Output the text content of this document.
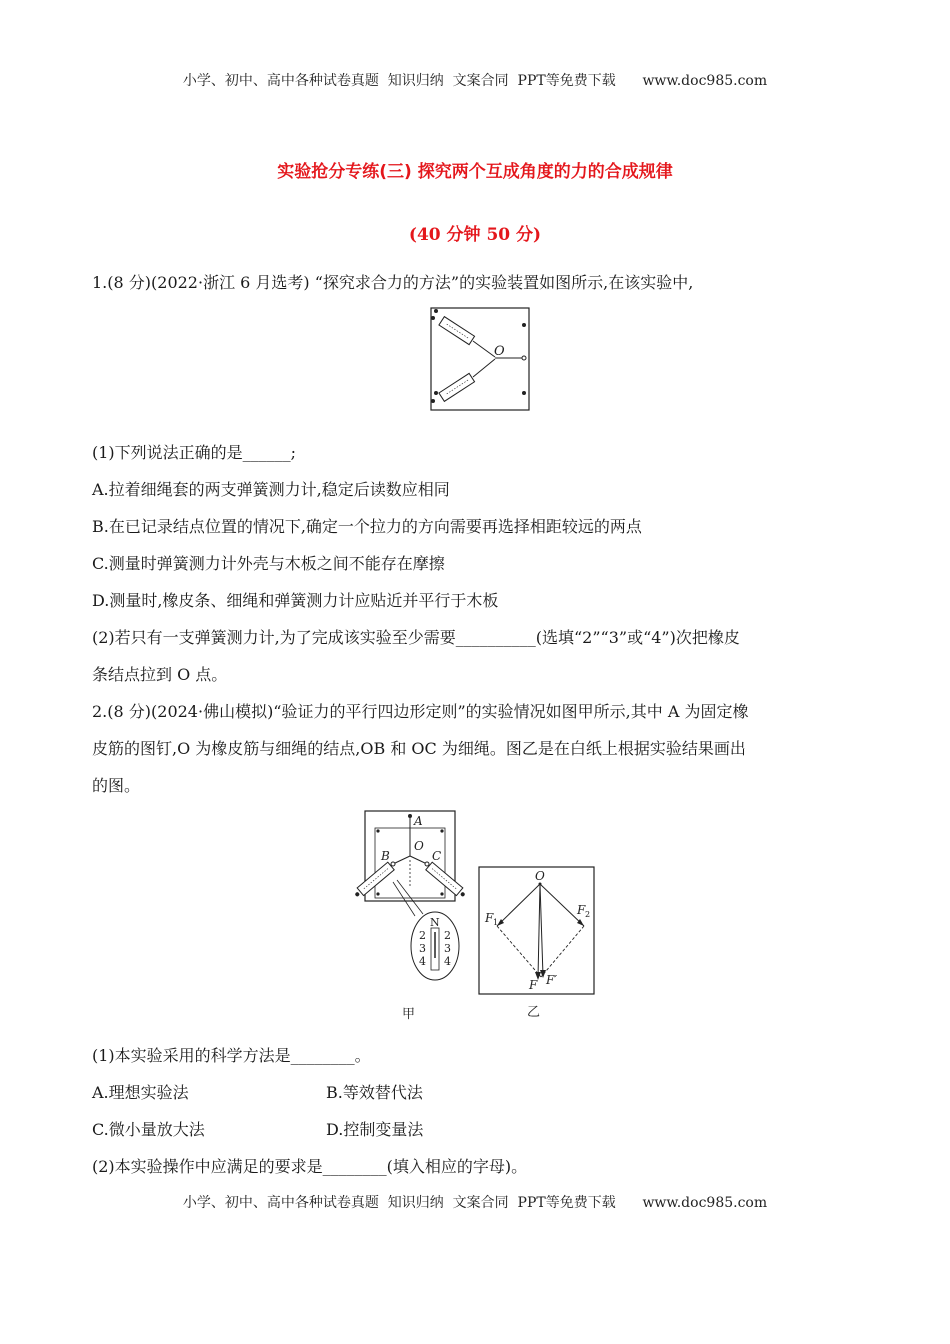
小学、初中、高中各种试卷真题  知识归纳  文案合同  PPT等免费下载      www.doc985.com
实验抢分专练(三) 探究两个互成角度的力的合成规律
(40 分钟 50 分)
1.(8 分)(2022·浙江 6 月选考) “探究求合力的方法”的实验装置如图所示,在该实验中,
O
(1)下列说法正确的是______;
A.拉着细绳套的两支弹簧测力计,稳定后读数应相同
B.在已记录结点位置的情况下,确定一个拉力的方向需要再选择相距较远的两点
C.测量时弹簧测力计外壳与木板之间不能存在摩擦
D.测量时,橡皮条、细绳和弹簧测力计应贴近并平行于木板
(2)若只有一支弹簧测力计,为了完成该实验至少需要__________(选填“2”“3”或“4”)次把橡皮
条结点拉到 O 点。
2.(8 分)(2024·佛山模拟)“验证力的平行四边形定则”的实验情况如图甲所示,其中 A 为固定橡
皮筋的图钉,O 为橡皮筋与细绳的结点,OB 和 OC 为细绳。图乙是在白纸上根据实验结果画出
的图。
A
B	C
O
N
2
3
4
2
3
4
甲
O
F 1
F 2
F F′
乙
(1)本实验采用的科学方法是________。
A.理想实验法	B.等效替代法
C.微小量放大法	D.控制变量法
(2)本实验操作中应满足的要求是________(填入相应的字母)。
小学、初中、高中各种试卷真题  知识归纳  文案合同  PPT等免费下载      www.doc985.com
